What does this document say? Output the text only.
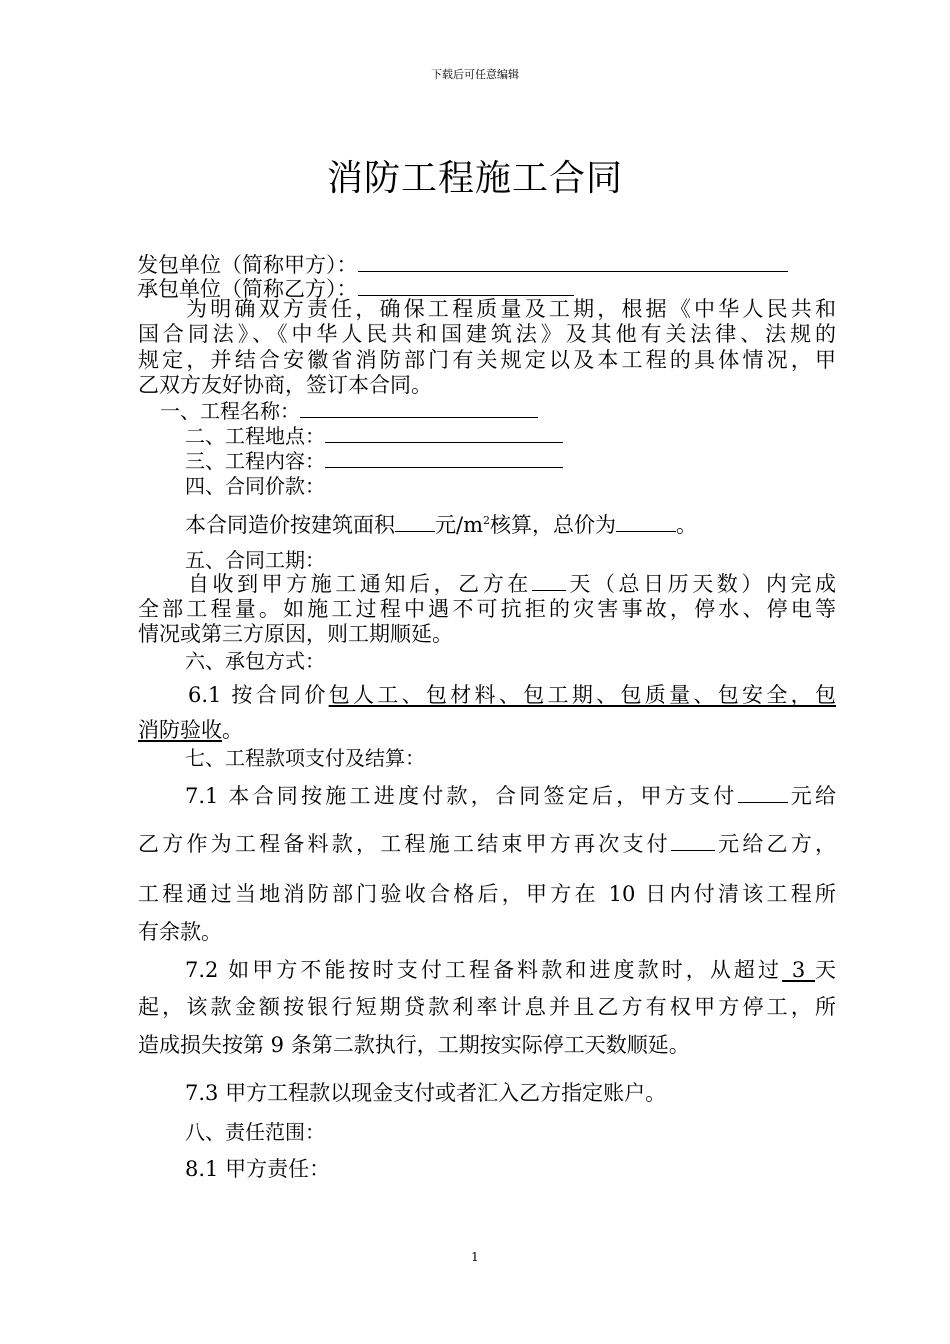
下载后可任意编辑
消防工程施工合同
发包单位（简称甲方）：
承包单位（简称乙方）：
为明确双方责任，确保工程质量及工期，根据《中华人民共和
国合同法》、《中华人民共和国建筑法》及其他有关法律、法规的
规定，并结合安徽省消防部门有关规定以及本工程的具体情况，甲
乙双方友好协商，签订本合同。
一、工程名称：
二、工程地点：
三、工程内容：
四、合同价款：
本合同造价按建筑面积 元$/m^2$核算，总价为	。
五、合同工期：
自收到甲方施工通知后，乙方在 天（总日历天数）内完成
全部工程量。如施工过程中遇不可抗拒的灾害事故，停水、停电等
情况或第三方原因，则工期顺延。
六、承包方式：
6.1 按合同价包人工、包材料、包工期、包质量、包安全，包
消防验收。
七、工程款项支付及结算：
7.1 本合同按施工进度付款，合同签定后，甲方支付 元给
乙方作为工程备料款，工程施工结束甲方再次支付 元给乙方，
工程通过当地消防部门验收合格后，甲方在 10 日内付清该工程所
有余款。
7.2 如甲方不能按时支付工程备料款和进度款时，从超过 3 天
起，该款金额按银行短期贷款利率计息并且乙方有权甲方停工，所
造成损失按第 9 条第二款执行，工期按实际停工天数顺延。
7.3 甲方工程款以现金支付或者汇入乙方指定账户。
八、责任范围：
8.1 甲方责任：
1
